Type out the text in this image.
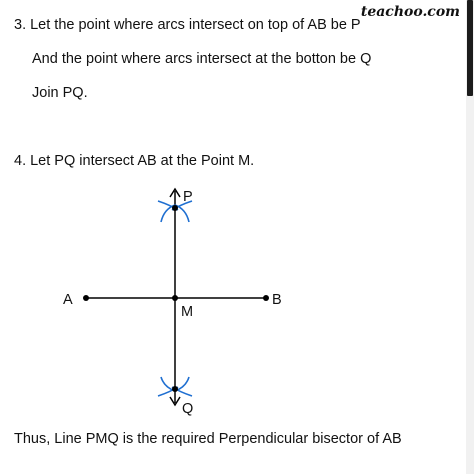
teachoo.com
3. Let the point where arcs intersect on top of AB be P
And the point where arcs intersect at the botton be Q
Join PQ.
4. Let PQ intersect AB at the Point M.
A	B
P
Q
M
Thus, Line PMQ is the required Perpendicular bisector of AB
